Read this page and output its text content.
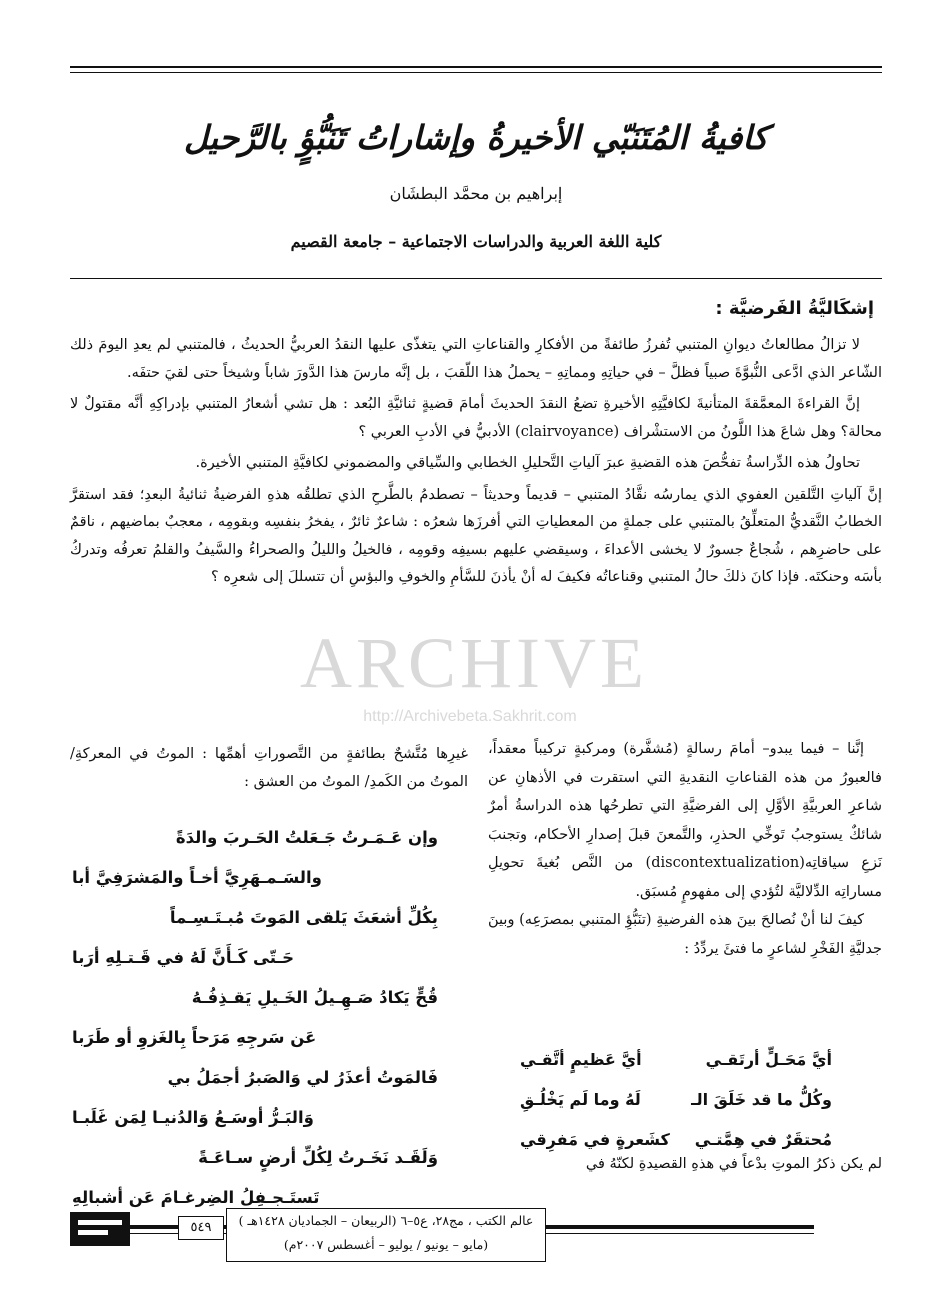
كافيةُ المُتَنَبّي الأخيرةُ وإشاراتُ تَنَبُّؤٍ بالرَّحيل
إبراهيم بن محمَّد البطشَان
كلية اللغة العربية والدراسات الاجتماعية – جامعة القصيم
إشكَاليَّةُ الفَرضيَّة :

لا تزالُ مطالعاتُ ديوانِ المتنبي تُفرزُ طائفةً من الأفكارِ والقناعاتِ التي يتغذّى عليها النقدُ العربيُّ الحديثُ ، فالمتنبي لم يعدِ اليومَ ذلك الشّاعر الذي ادَّعى النُّبوَّةَ صبياً فظلَّ – في حياتِهِ ومماتِهِ – يحملُ هذا اللّقبَ ، بل إنَّه مارسَ هذا الدَّورَ شاباً وشيخاً حتى لقيَ حتفَه.

إنَّ القراءةَ المعمَّقةَ المتأنيةَ لكافيَّتِهِ الأخيرةِ تضعُ النقدَ الحديثَ أمامَ قضيةٍ ثنائيَّةِ البُعد : هل تشي أشعارُ المتنبي بإدراكِهِ أنَّه مقتولٌ لا محالة؟ وهل شاعَ هذا اللَّونُ من الاستشْراف (clairvoyance) الأدبيُّ في الأدبِ العربي ؟

تحاولُ هذه الدِّراسةُ تفحُّصَ هذه القضيةِ عبرَ آلياتِ التَّحليلِ الخطابي والسِّياقي والمضموني لكافيَّةِ المتنبي الأخيرة.

إنَّ آلياتِ التَّلقين العفوي الذي يمارسُه نقَّادُ المتنبي – قديماً وحديثاً – تصطدمُ بالطَّرحِ الذي تطلقُه هذهِ الفرضيةُ ثنائيةُ البعدِ؛ فقد استقرَّ الخطابُ النَّقديُّ المتعلِّقُ بالمتنبي على جملةٍ من المعطياتِ التي أفرزَها شعرُه : شاعرٌ ثائرٌ ، يفخرُ بنفسِه وبقومِه ، معجبٌ بماضيهم ، ناقمٌ على حاضرِهم ، شُجاعٌ جسورٌ لا يخشى الأعداءَ ، وسيقضي عليهم بسيفِه وقومِه ، فالخيلُ والليلُ والصحراءُ والسَّيفُ والقلمُ تعرفُه وتدركُ بأسَه وحنكتَه. فإذا كانَ ذلكَ حالُ المتنبي وقناعاتُه فكيفَ له أنْ يأذنَ للسَّأمِ والخوفِ والبؤسِ أن تتسللَ إلى شعرِه ؟

ARCHIVE
http://Archivebeta.Sakhrit.com

إنَّنا – فيما يبدو– أمامَ رسالةٍ (مُشفَّرة) ومركبةٍ تركيباً معقداً، فالعبورُ من هذه القناعاتِ النقديةِ التي استقرت في الأذهانِ عن شاعرِ العربيَّةِ الأوَّلِ إلى الفرضيَّةِ التي تطرحُها هذه الدراسةُ أمرٌ شائكٌ يستوجبُ تَوخِّي الحذرِ، والتَّمعنَ قبلَ إصدارِ الأحكام، وتجنبَ نَزعِ سياقاتِه(discontextualization) من النَّص بُغيةَ تحويلِ مساراتِه الدِّلاليَّة لتُؤدي إلى مفهومٍ مُسبَق.

كيفَ لنا أنْ نُصالحَ بينَ هذه الفرضيةِ (تنَبُّؤِ المتنبي بمصرَعِه) وبينَ جدليَّةِ الفَخْرِ لشاعرٍ ما فتئَ يردِّدُ :

أيَّ مَحَـلٍّ أرتَقـي
أيَّ عَظيمٍ أتَّقـي
وكُلُّ ما قد خَلَقَ الـ
لَهُ وما لَم يَخْلُـقِ
مُحتقَرٌ في هِمَّتـي
كشَعرةٍ في مَفرِقي
لم يكن ذكرُ الموتِ بدْعاً في هذهِ القصيدةِ لكنّهُ في
غيرِها مُتَّشحٌ بطائفةٍ من التَّصوراتِ أهمِّها : الموتُ في المعركةِ/ الموتُ من الكَمدِ/ الموتُ من العشق :
وإن عَـمَـرتُ جَـعَلتُ الحَـربَ والدَةً
والسَـمـهَرِيَّ أخـاً والمَشرَفِيَّ أبا
بِكُلِّ أشعَثَ يَلقى المَوتَ مُبـتَـسِـماً
حَـتّى كَـأَنَّ لَهُ في قَـتـلِهِ أرَبا
قُحٍّ يَكادُ صَـهِـيلُ الخَـيلِ يَقـذِفُـهُ
عَن سَرجِهِ مَرَحاً بِالغَزوِ أو طَرَبا
فَالمَوتُ أعذَرُ لي وَالصَبرُ أجمَلُ بي
وَالبَـرُّ أوسَـعُ وَالدُنيـا لِمَن غَلَبـا
وَلَقَـد نَخَـرتُ لِكُلِّ أرضٍ سـاعَـةً
تَستَـجـفِلُ الضِرغـامَ عَن أشبالِهِ
٥٤٩	عالم الكتب ، مج٢٨، ع٥–٦ (الربيعان – الجماديان ١٤٢٨هـ )
(مايو – يونيو / يوليو – أغسطس ٢٠٠٧م)
